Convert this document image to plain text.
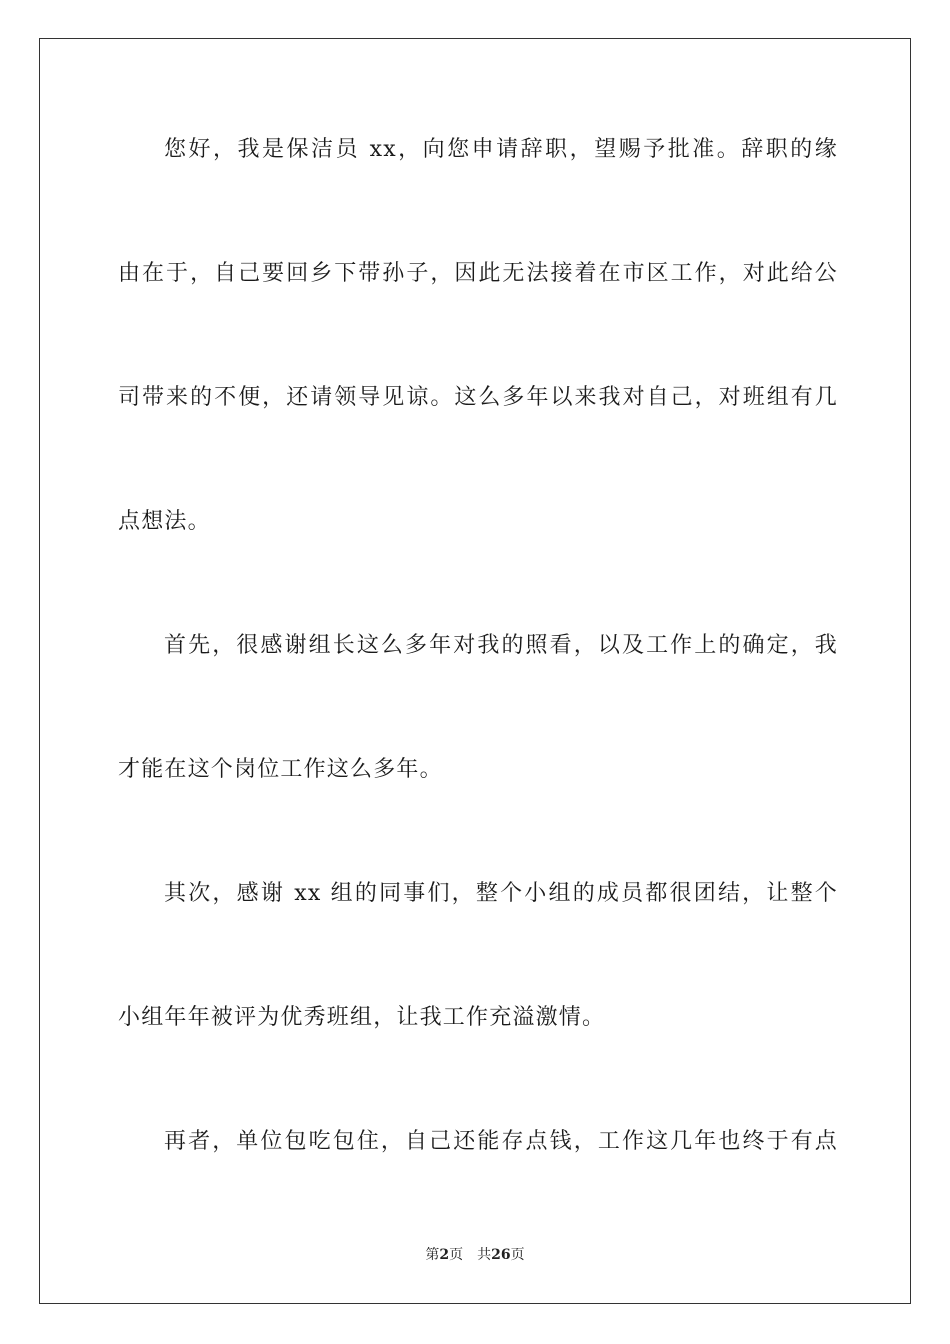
您好，我是保洁员 xx，向您申请辞职，望赐予批准。辞职的缘

由在于，自己要回乡下带孙子，因此无法接着在市区工作，对此给公

司带来的不便，还请领导见谅。这么多年以来我对自己，对班组有几

点想法。

首先，很感谢组长这么多年对我的照看，以及工作上的确定，我

才能在这个岗位工作这么多年。

其次，感谢 xx 组的同事们，整个小组的成员都很团结，让整个

小组年年被评为优秀班组，让我工作充溢激情。

再者，单位包吃包住，自己还能存点钱，工作这几年也终于有点

第2页 共26页
